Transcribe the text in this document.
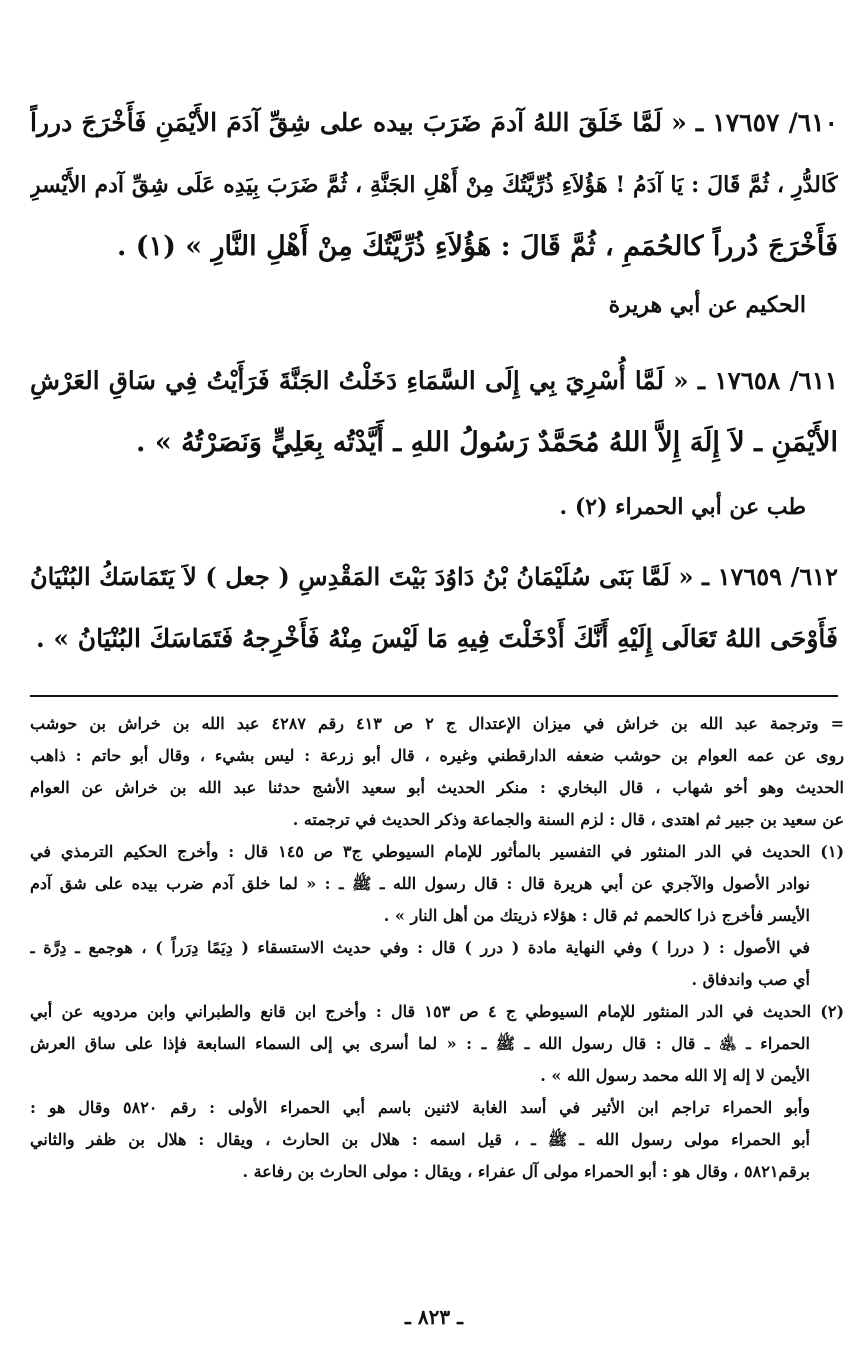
٦١٠/ ١٧٦٥٧ ـ « لَمَّا خَلَقَ اللهُ آدمَ ضَرَبَ بيده على شِقِّ آدَمَ الأَيْمَنِ فَأَخْرَجَ درراً
كَالدُّرِ ، ثُمَّ قَالَ : يَا آدَمُ ! هَؤُلاَءِ ذُرِّيَّتُكَ مِنْ أَهْلِ الجَنَّةِ ، ثُمَّ ضَرَبَ بِيَدِه عَلَى شِقِّ آدم الأَيْسرِ
فَأَخْرَجَ دُرراً كالحُمَمِ ، ثُمَّ قَالَ : هَؤُلاَءِ ذُرِّيَّتُكَ مِنْ أَهْلِ النَّارِ » (١) .
الحكيم عن أبي هريرة
٦١١/ ١٧٦٥٨ ـ « لَمَّا أُسْرِيَ بِي إِلَى السَّمَاءِ دَخَلْتُ الجَنَّةَ فَرَأَيْتُ فِي سَاقِ العَرْشِ
الأَيْمَنِ ـ لاَ إِلَهَ إِلاَّ اللهُ مُحَمَّدٌ رَسُولُ اللهِ ـ أَيَّدْتُه بِعَلِيٍّ وَنَصَرْتُهُ » .
طب عن أبي الحمراء (٢) .
٦١٢/ ١٧٦٥٩ ـ « لَمَّا بَنَى سُلَيْمَانُ بْنُ دَاوُدَ بَيْتَ المَقْدِسِ ( جعل ) لاَ يَتَمَاسَكُ البُنْيَانُ
فَأَوْحَى اللهُ تَعَالَى إِلَيْهِ أَنَّكَ أَدْخَلْتَ فِيهِ مَا لَيْسَ مِنْهُ فَأَخْرِجهُ فَتَمَاسَكَ البُنْيَانُ » .
= وترجمة عبد الله بن خراش في ميزان الإعتدال ج ٢ ص ٤١٣ رقم ٤٢٨٧ عبد الله بن خراش بن حوشب
روى عن عمه العوام بن حوشب ضعفه الدارقطني وغيره ، قال أبو زرعة : ليس بشيء ، وقال أبو حاتم : ذاهب
الحديث وهو أخو شهاب ، قال البخاري : منكر الحديث أبو سعيد الأشج حدثنا عبد الله بن خراش عن العوام
عن سعيد بن جبير ثم اهتدى ، قال : لزم السنة والجماعة وذكر الحديث في ترجمته .
(١) الحديث في الدر المنثور في التفسير بالمأثور للإمام السيوطي ج٣ ص ١٤٥ قال : وأخرج الحكيم الترمذي في
نوادر الأصول والآجري عن أبي هريرة قال : قال رسول الله ـ ﷺ ـ : « لما خلق آدم ضرب بيده على شق آدم
الأيسر فأخرج ذرا كالحمم ثم قال : هؤلاء ذريتك من أهل النار » .
في الأصول : ( دررا ) وفي النهاية مادة ( درر ) قال : وفي حديث الاستسقاء ( دِيَمًا دِرَراً ) ، هوجمع ـ دِرَّة ـ
أي صب واندفاق .
(٢) الحديث في الدر المنثور للإمام السيوطي ج ٤ ص ١٥٣ قال : وأخرج ابن قانع والطبراني وابن مردويه عن أبي
الحمراء ـ ﵁ ـ قال : قال رسول الله ـ ﷺ ـ : « لما أسرى بي إلى السماء السابعة فإذا على ساق العرش
الأيمن لا إله إلا الله محمد رسول الله » .
وأبو الحمراء تراجم ابن الأثير في أسد الغابة لاثنين باسم أبي الحمراء الأولى : رقم ٥٨٢٠ وقال هو :
أبو الحمراء مولى رسول الله ـ ﷺ ـ ، قيل اسمه : هلال بن الحارث ، ويقال : هلال بن ظفر والثاني
برقم٥٨٢١ ، وقال هو : أبو الحمراء مولى آل عفراء ، ويقال : مولى الحارث بن رفاعة .
ـ ٨٢٣ ـ
